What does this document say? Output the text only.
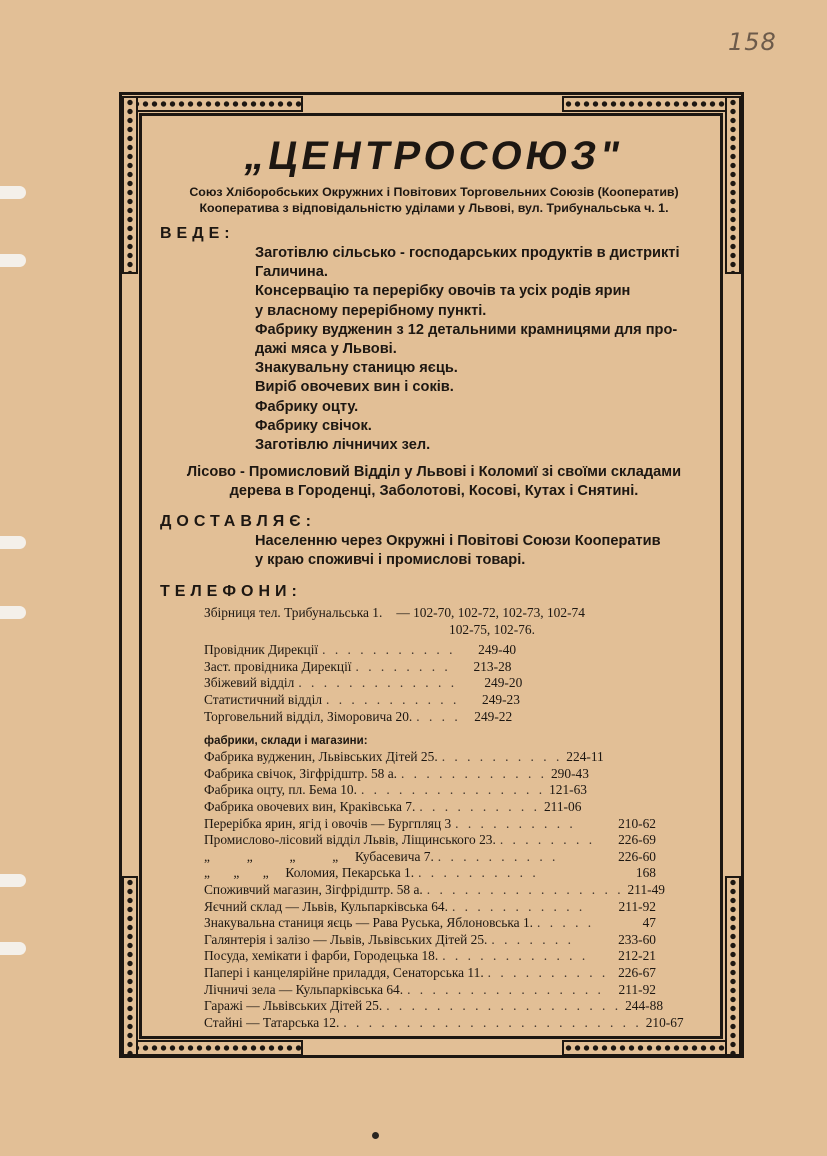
158
„ЦЕНТРОСОЮЗ"
Союз Хліборобських Окружних і Повітових Торговельних Союзів (Кооператив)
Кооператива з відповідальністю уділами у Львові, вул. Трибунальська ч. 1.
ВЕДЕ:
Заготівлю сільсько - господарських продуктів в дистрикті
Галичина.
Консервацію та перерібку овочів та усіх родів ярин
у власному перерібному пункті.
Фабрику вудженин з 12 детальними крамницями для про-
дажі мяса у Львові.
Знакувальну станицю яєць.
Виріб овочевих вин і соків.
Фабрику оцту.
Фабрику свічок.
Заготівлю лічничих зел.
Лісово - Промисловий Відділ у Львові і Коломиї зі своїми складами
дерева в Городенці, Заболотові, Косові, Кутах і Снятині.
ДОСТАВЛЯЄ:
Населенню через Окружні і Повітові Союзи Кооператив
у краю споживчі і промислові товарі.
ТЕЛЕФОНИ:
Збірниця тел. Трибунальська 1. — 102-70, 102-72, 102-73, 102-74
102-75, 102-76.
Провідник Дирекції . . . . . . . . . . .	249-40
Заст. провідника Дирекції . . . . . . . .	213-28
Збіжевий відділ . . . . . . . . . . . . .	249-20
Статистичний відділ . . . . . . . . . . .	249-23
Торговельний відділ, Зіморовича 20. . . . .	249-22
фабрики, склади і магазини:
Фабрика вудженин, Львівських Дітей 25. . . . . . . . . . . 224-11
Фабрика свічок, Зігфрідштр. 58 а. . . . . . . . . . . . . 290-43
Фабрика оцту, пл. Бема 10. . . . . . . . . . . . . . . . 121-63
Фабрика овочевих вин, Краківська 7. . . . . . . . . . . 211-06
Перерібка ярин, ягід і овочів — Бургпляц 3 . . . . . . . . . .	210-62
Промислово-лісовий відділ Львів, Ліщинського 23. . . . . . . . .	226-69
„           „           „           „     Кубасевича 7. . . . . . . . . . .	226-60
„       „       „     Коломия, Пекарська 1. . . . . . . . . . .	168
Споживчий магазин, Зігфрідштр. 58 а. . . . . . . . . . . . . . . . . 211-49
Яєчний склад — Львів, Кульпарківська 64. . . . . . . . . . . .	211-92
Знакувальна станиця яєць — Рава Руська, Яблоновська 1. . . . . .	47
Галянтерія і залізо — Львів, Львівських Дітей 25. . . . . . . .	233-60
Посуда, хемікати і фарби, Городецька 18. . . . . . . . . . . . .	212-21
Папері і канцелярійне приладдя, Сенаторська 11. . . . . . . . . . . 226-67
Лічничі зела — Кульпарківська 64. . . . . . . . . . . . . . . . .	211-92
Гаражі — Львівських Дітей 25. . . . . . . . . . . . . . . . . . . . 244-88
Стайні — Татарська 12. . . . . . . . . . . . . . . . . . . . . . . . . 210-67
